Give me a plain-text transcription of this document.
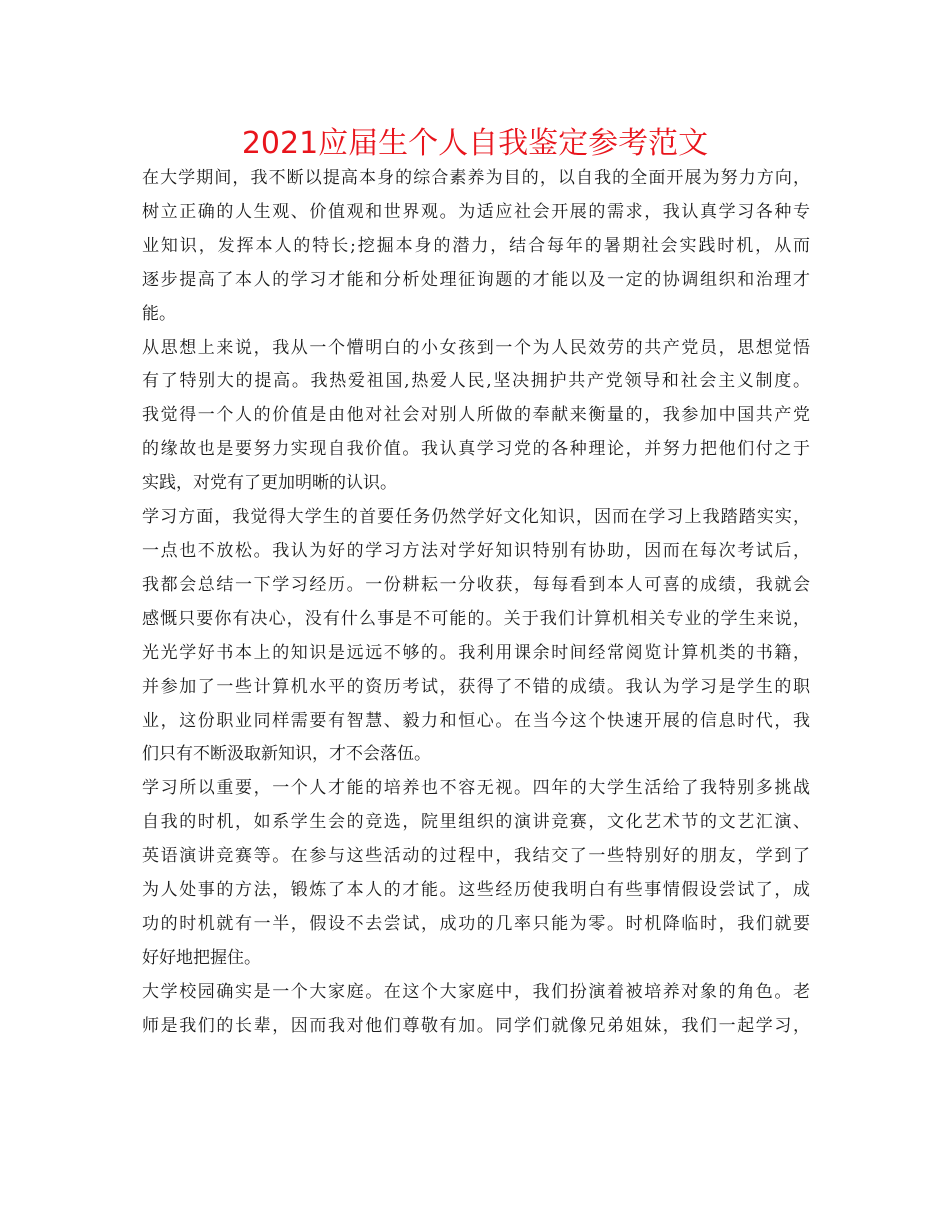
2021应届生个人自我鉴定参考范文

在大学期间，我不断以提高本身的综合素养为目的，以自我的全面开展为努力方向，
树立正确的人生观、价值观和世界观。为适应社会开展的需求，我认真学习各种专
业知识，发挥本人的特长;挖掘本身的潜力，结合每年的暑期社会实践时机，从而
逐步提高了本人的学习才能和分析处理征询题的才能以及一定的协调组织和治理才
能。

从思想上来说，我从一个懵明白的小女孩到一个为人民效劳的共产党员，思想觉悟
有了特别大的提高。我热爱祖国,热爱人民,坚决拥护共产党领导和社会主义制度。
我觉得一个人的价值是由他对社会对别人所做的奉献来衡量的，我参加中国共产党
的缘故也是要努力实现自我价值。我认真学习党的各种理论，并努力把他们付之于
实践，对党有了更加明晰的认识。

学习方面，我觉得大学生的首要任务仍然学好文化知识，因而在学习上我踏踏实实，
一点也不放松。我认为好的学习方法对学好知识特别有协助，因而在每次考试后，
我都会总结一下学习经历。一份耕耘一分收获，每每看到本人可喜的成绩，我就会
感慨只要你有决心，没有什么事是不可能的。关于我们计算机相关专业的学生来说，
光光学好书本上的知识是远远不够的。我利用课余时间经常阅览计算机类的书籍，
并参加了一些计算机水平的资历考试，获得了不错的成绩。我认为学习是学生的职
业，这份职业同样需要有智慧、毅力和恒心。在当今这个快速开展的信息时代，我
们只有不断汲取新知识，才不会落伍。

学习所以重要，一个人才能的培养也不容无视。四年的大学生活给了我特别多挑战
自我的时机，如系学生会的竞选，院里组织的演讲竞赛，文化艺术节的文艺汇演、
英语演讲竞赛等。在参与这些活动的过程中，我结交了一些特别好的朋友，学到了
为人处事的方法，锻炼了本人的才能。这些经历使我明白有些事情假设尝试了，成
功的时机就有一半，假设不去尝试，成功的几率只能为零。时机降临时，我们就要
好好地把握住。

大学校园确实是一个大家庭。在这个大家庭中，我们扮演着被培养对象的角色。老
师是我们的长辈，因而我对他们尊敬有加。同学们就像兄弟姐妹，我们一起学习，
